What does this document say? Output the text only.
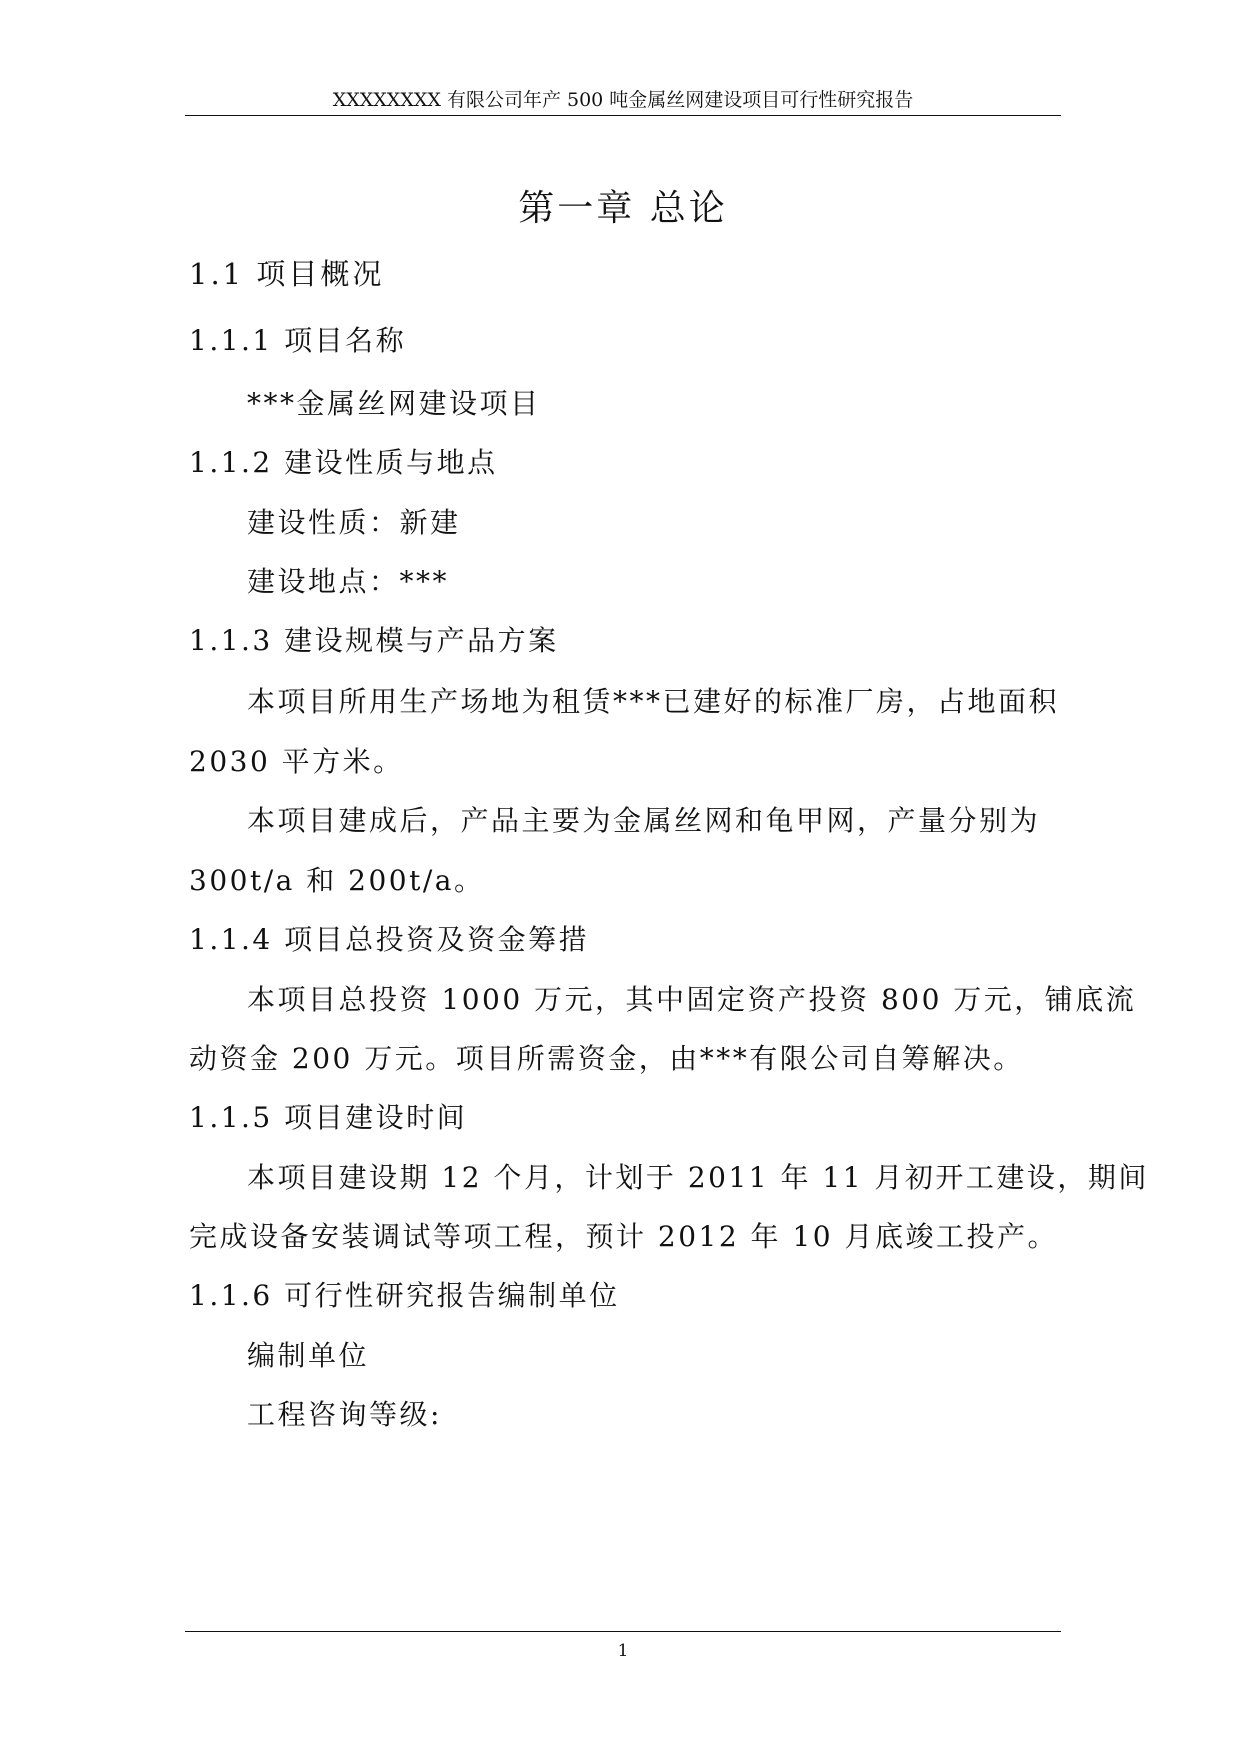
XXXXXXXX 有限公司年产 500 吨金属丝网建设项目可行性研究报告
第一章 总论
1.1 项目概况
1.1.1 项目名称
***金属丝网建设项目
1.1.2 建设性质与地点
建设性质：新建
建设地点：***
1.1.3 建设规模与产品方案
本项目所用生产场地为租赁***已建好的标准厂房，占地面积
2030 平方米。
本项目建成后，产品主要为金属丝网和龟甲网，产量分别为
300t/a 和 200t/a。
1.1.4 项目总投资及资金筹措
本项目总投资 1000 万元，其中固定资产投资 800 万元，铺底流
动资金 200 万元。项目所需资金，由***有限公司自筹解决。
1.1.5 项目建设时间
本项目建设期 12 个月，计划于 2011 年 11 月初开工建设，期间
完成设备安装调试等项工程，预计 2012 年 10 月底竣工投产。
1.1.6 可行性研究报告编制单位
编制单位
工程咨询等级:
1
